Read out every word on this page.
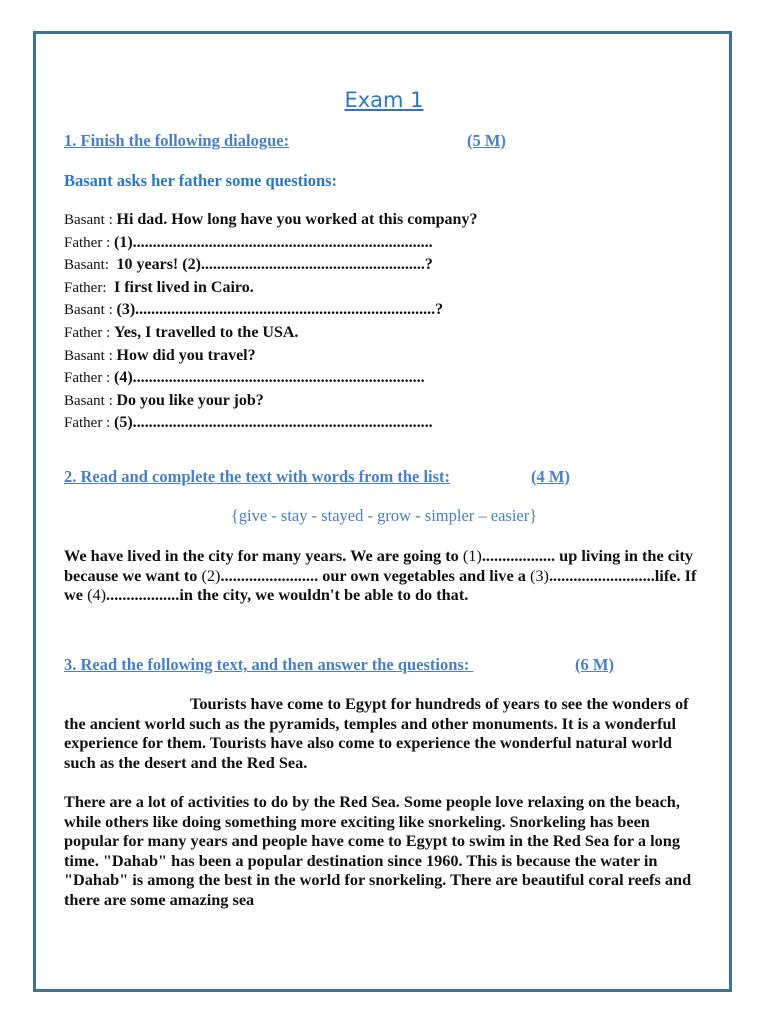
Exam 1
1. Finish the following dialogue:	(5 M)
Basant asks her father some questions:
Basant : Hi dad. How long have you worked at this company?
Father : (1)...........................................................................
Basant: 10 years! (2)........................................................?
Father: I first lived in Cairo.
Basant : (3)...........................................................................?
Father : Yes, I travelled to the USA.
Basant : How did you travel?
Father : (4).........................................................................
Basant : Do you like your job?
Father : (5)...........................................................................
2. Read and complete the text with words from the list:	(4 M)
{give - stay - stayed - grow - simpler – easier}

We have lived in the city for many years. We are going to (1).................. up living in the city because we want to (2)........................ our own vegetables and live a (3)..........................life. If we (4)..................in the city, we wouldn't be able to do that.

3. Read the following text, and then answer the questions:	(6 M)

Tourists have come to Egypt for hundreds of years to see the wonders of the ancient world such as the pyramids, temples and other monuments. It is a wonderful experience for them. Tourists have also come to experience the wonderful natural world such as the desert and the Red Sea.

There are a lot of activities to do by the Red Sea. Some people love relaxing on the beach, while others like doing something more exciting like snorkeling. Snorkeling has been popular for many years and people have come to Egypt to swim in the Red Sea for a long time. "Dahab" has been a popular destination since 1960. This is because the water in "Dahab" is among the best in the world for snorkeling. There are beautiful coral reefs and there are some amazing sea
